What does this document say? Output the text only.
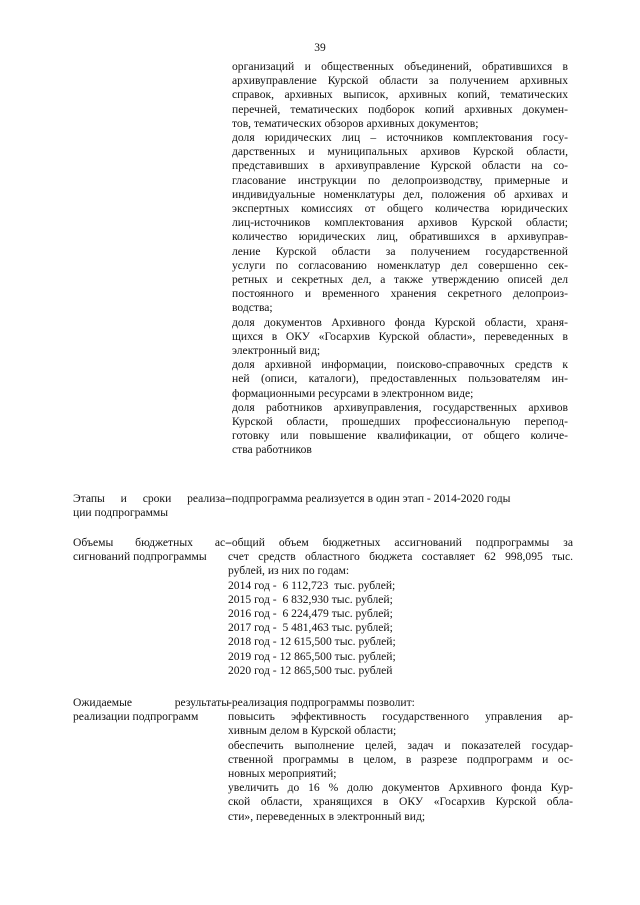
39
организаций и общественных объединений, обратившихся в
архивуправление Курской области за получением архивных
справок, архивных выписок, архивных копий, тематических
перечней, тематических подборок копий архивных докумен-
тов, тематических обзоров архивных документов;
доля юридических лиц – источников комплектования госу-
дарственных и муниципальных архивов Курской области,
представивших в архивуправление Курской области на со-
гласование инструкции по делопроизводству, примерные и
индивидуальные номенклатуры дел, положения об архивах и
экспертных комиссиях от общего количества юридических
лиц-источников комплектования архивов Курской области;
количество юридических лиц, обратившихся в архивуправ-
ление Курской области за получением государственной
услуги по согласованию номенклатур дел совершенно сек-
ретных и секретных дел, а также утверждению описей дел
постоянного и временного хранения секретного делопроиз-
водства;
доля документов Архивного фонда Курской области, храня-
щихся в ОКУ «Госархив Курской области», переведенных в
электронный вид;
доля архивной информации, поисково-справочных средств к
ней (описи, каталоги), предоставленных пользователям ин-
формационными ресурсами в электронном виде;
доля работников архивуправления, государственных архивов
Курской области, прошедших профессиональную перепод-
готовку или повышение квалификации, от общего количе-
ства работников
Этапы и сроки реализа-
ции подпрограммы
-подпрограмма реализуется в один этап - 2014-2020 годы
Объемы бюджетных ас-
сигнований подпрограммы
-общий объем бюджетных ассигнований подпрограммы за
счет средств областного бюджета составляет 62 998,095 тыс.
рублей, из них по годам:
2014 год -  6 112,723  тыс. рублей;
2015 год -  6 832,930 тыс. рублей;
2016 год -  6 224,479 тыс. рублей;
2017 год -  5 481,463 тыс. рублей;
2018 год - 12 615,500 тыс. рублей;
2019 год - 12 865,500 тыс. рублей;
2020 год - 12 865,500 тыс. рублей
Ожидаемые результаты
реализации подпрограмм
-реализация подпрограммы позволит:
повысить эффективность государственного управления ар-
хивным делом в Курской области;
обеспечить выполнение целей, задач и показателей государ-
ственной программы в целом, в разрезе подпрограмм и ос-
новных мероприятий;
увеличить до 16 % долю документов Архивного фонда Кур-
ской области, хранящихся в ОКУ «Госархив Курской обла-
сти», переведенных в электронный вид;
